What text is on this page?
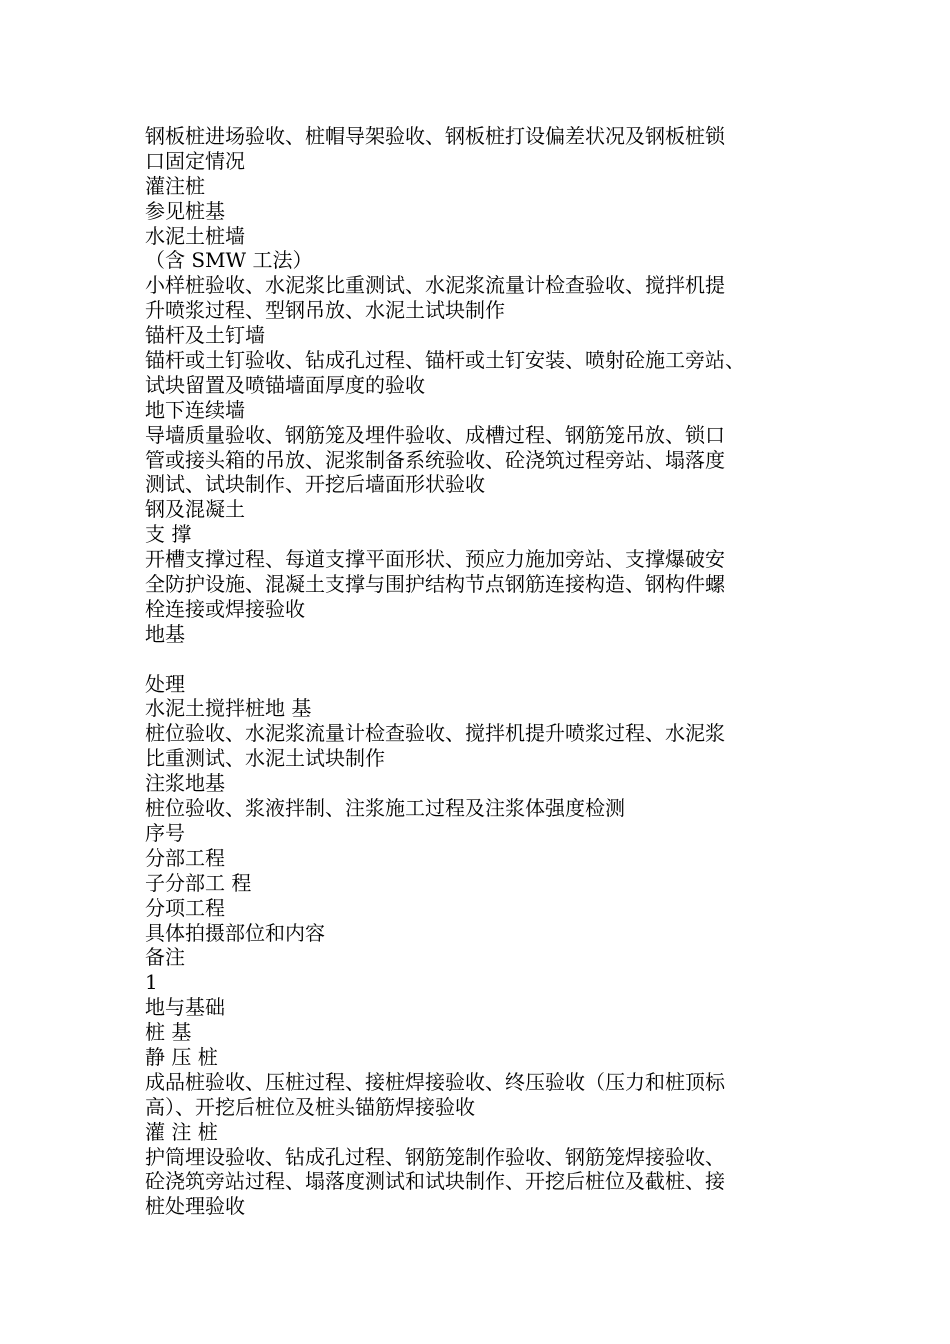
钢板桩进场验收、桩帽导架验收、钢板桩打设偏差状况及钢板桩锁
口固定情况
灌注桩
参见桩基
水泥土桩墙
（含 SMW 工法）
小样桩验收、水泥浆比重测试、水泥浆流量计检查验收、搅拌机提
升喷浆过程、型钢吊放、水泥土试块制作
锚杆及土钉墙
锚杆或土钉验收、钻成孔过程、锚杆或土钉安装、喷射砼施工旁站、
试块留置及喷锚墙面厚度的验收
地下连续墙
导墙质量验收、钢筋笼及埋件验收、成槽过程、钢筋笼吊放、锁口
管或接头箱的吊放、泥浆制备系统验收、砼浇筑过程旁站、塌落度
测试、试块制作、开挖后墙面形状验收
钢及混凝土
支 撑
开槽支撑过程、每道支撑平面形状、预应力施加旁站、支撑爆破安
全防护设施、混凝土支撑与围护结构节点钢筋连接构造、钢构件螺
栓连接或焊接验收
地基
处理
水泥土搅拌桩地 基
桩位验收、水泥浆流量计检查验收、搅拌机提升喷浆过程、水泥浆
比重测试、水泥土试块制作
注浆地基
桩位验收、浆液拌制、注浆施工过程及注浆体强度检测
序号
分部工程
子分部工 程
分项工程
具体拍摄部位和内容
备注
1
地与基础
桩 基
静 压 桩
成品桩验收、压桩过程、接桩焊接验收、终压验收（压力和桩顶标
高）、开挖后桩位及桩头锚筋焊接验收
灌 注 桩
护筒埋设验收、钻成孔过程、钢筋笼制作验收、钢筋笼焊接验收、
砼浇筑旁站过程、塌落度测试和试块制作、开挖后桩位及截桩、接
桩处理验收
